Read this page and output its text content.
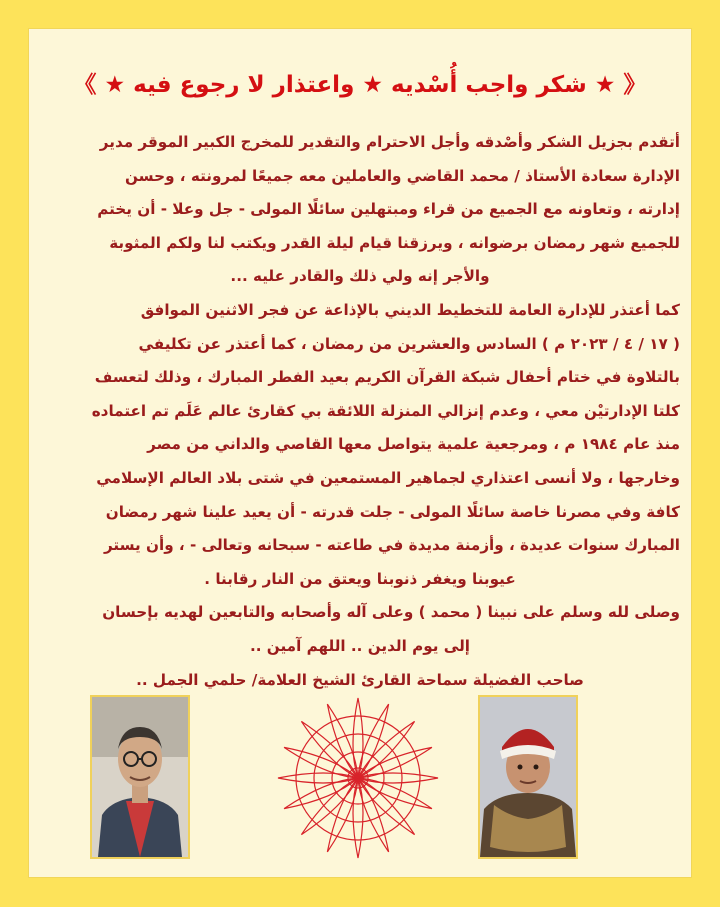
《 ★ شكر واجب أُسْديه ★ واعتذار لا رجوع فيه ★ 》
أتقدم بجزيل الشكر وأصْدقه وأجل الاحترام والتقدير للمخرج الكبير الموقر مدير
الإدارة سعادة الأستاذ / محمد القاضي والعاملين معه جميعًا لمرونته ، وحسن
إدارته ، وتعاونه مع الجميع من قراء ومبتهلين سائلًا المولى - جل وعلا - أن يختم
للجميع شهر رمضان برضوانه ، ويرزقنا قيام ليلة القدر ويكتب لنا ولكم المثوبة
والأجر إنه ولي ذلك والقادر عليه ...
كما أعتذر للإدارة العامة للتخطيط الديني بالإذاعة عن فجر الاثنين الموافق
( ١٧ / ٤ / ٢٠٢٣ م ) السادس والعشرين من رمضان ، كما أعتذر عن تكليفي
بالتلاوة في ختام أحفال شبكة القرآن الكريم بعيد الفطر المبارك ، وذلك لتعسف
كلتا الإدارتيْن معي ، وعدم إنزالي المنزلة اللائقة بي كقارئ عالم عَلَم تم اعتماده
منذ عام ١٩٨٤ م ، ومرجعية علمية يتواصل معها القاصي والداني من مصر
وخارجها ، ولا أنسى اعتذاري لجماهير المستمعين في شتى بلاد العالم الإسلامي
كافة وفي مصرنا خاصة سائلًا المولى - جلت قدرته - أن يعيد علينا شهر رمضان
المبارك سنوات عديدة ، وأزمنة مديدة في طاعته - سبحانه وتعالى - ، وأن يستر
عيوبنا ويغفر ذنوبنا ويعتق من النار رقابنا .
وصلى لله وسلم على نبينا ( محمد ) وعلى آله وأصحابه والتابعين لهديه بإحسان
إلى يوم الدين .. اللهم آمين ..
صاحب الفضيلة سماحة القارئ الشيخ العلامة/ حلمي الجمل ..
